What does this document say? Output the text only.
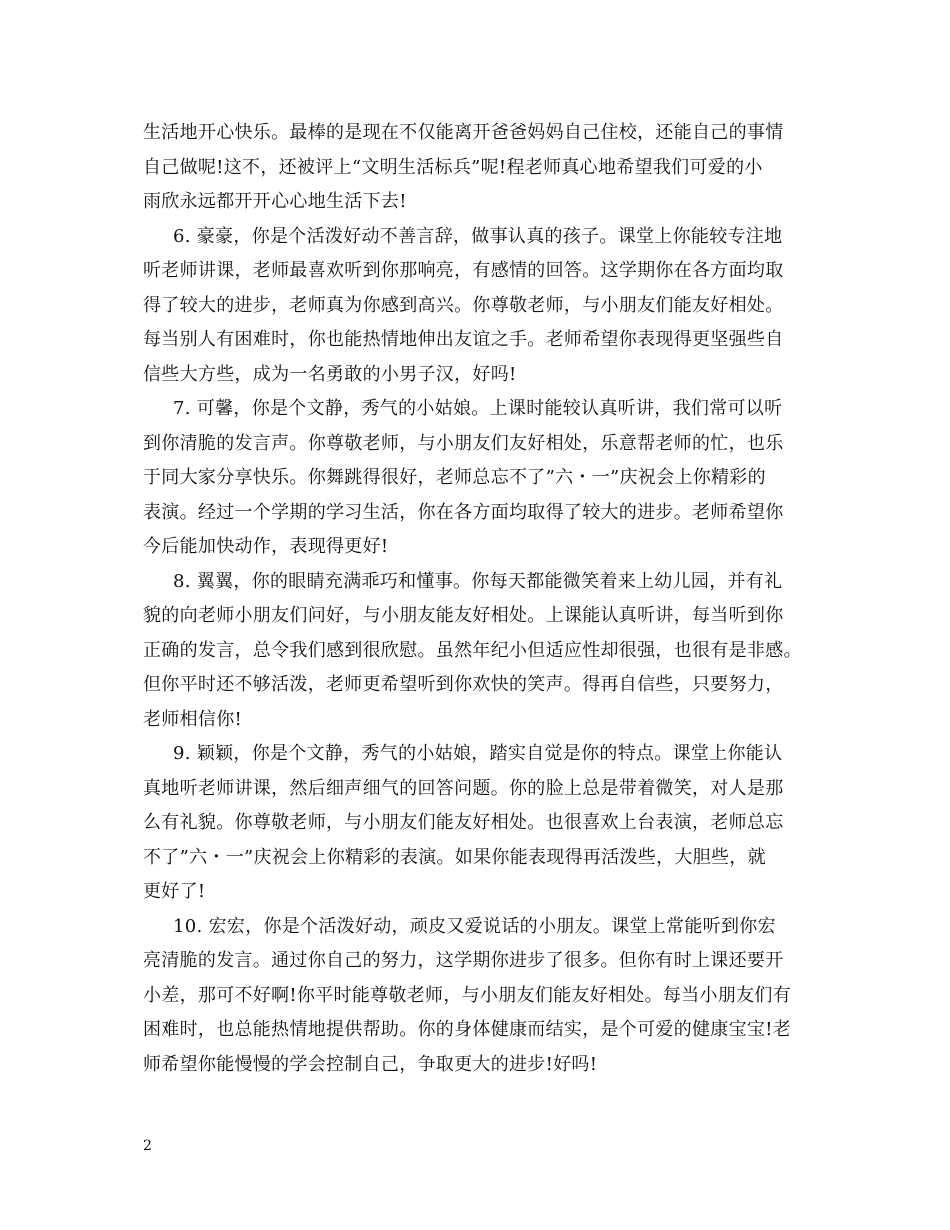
生活地开心快乐。最棒的是现在不仅能离开爸爸妈妈自己住校，还能自己的事情
自己做呢!这不，还被评上“文明生活标兵”呢!程老师真心地希望我们可爱的小
雨欣永远都开开心心地生活下去!
6. 豪豪，你是个活泼好动不善言辞，做事认真的孩子。课堂上你能较专注地
听老师讲课，老师最喜欢听到你那响亮，有感情的回答。这学期你在各方面均取
得了较大的进步，老师真为你感到高兴。你尊敬老师，与小朋友们能友好相处。
每当别人有困难时，你也能热情地伸出友谊之手。老师希望你表现得更坚强些自
信些大方些，成为一名勇敢的小男子汉，好吗!
7. 可馨，你是个文静，秀气的小姑娘。上课时能较认真听讲，我们常可以听
到你清脆的发言声。你尊敬老师，与小朋友们友好相处，乐意帮老师的忙，也乐
于同大家分享快乐。你舞跳得很好，老师总忘不了”六・一”庆祝会上你精彩的
表演。经过一个学期的学习生活，你在各方面均取得了较大的进步。老师希望你
今后能加快动作，表现得更好!
8. 翼翼，你的眼睛充满乖巧和懂事。你每天都能微笑着来上幼儿园，并有礼
貌的向老师小朋友们问好，与小朋友能友好相处。上课能认真听讲，每当听到你
正确的发言，总令我们感到很欣慰。虽然年纪小但适应性却很强，也很有是非感。
但你平时还不够活泼，老师更希望听到你欢快的笑声。得再自信些，只要努力，
老师相信你!
9. 颖颖，你是个文静，秀气的小姑娘，踏实自觉是你的特点。课堂上你能认
真地听老师讲课，然后细声细气的回答问题。你的脸上总是带着微笑，对人是那
么有礼貌。你尊敬老师，与小朋友们能友好相处。也很喜欢上台表演，老师总忘
不了”六・一”庆祝会上你精彩的表演。如果你能表现得再活泼些，大胆些，就
更好了!
10. 宏宏，你是个活泼好动，顽皮又爱说话的小朋友。课堂上常能听到你宏
亮清脆的发言。通过你自己的努力，这学期你进步了很多。但你有时上课还要开
小差，那可不好啊!你平时能尊敬老师，与小朋友们能友好相处。每当小朋友们有
困难时，也总能热情地提供帮助。你的身体健康而结实，是个可爱的健康宝宝!老
师希望你能慢慢的学会控制自己，争取更大的进步!好吗!
2
